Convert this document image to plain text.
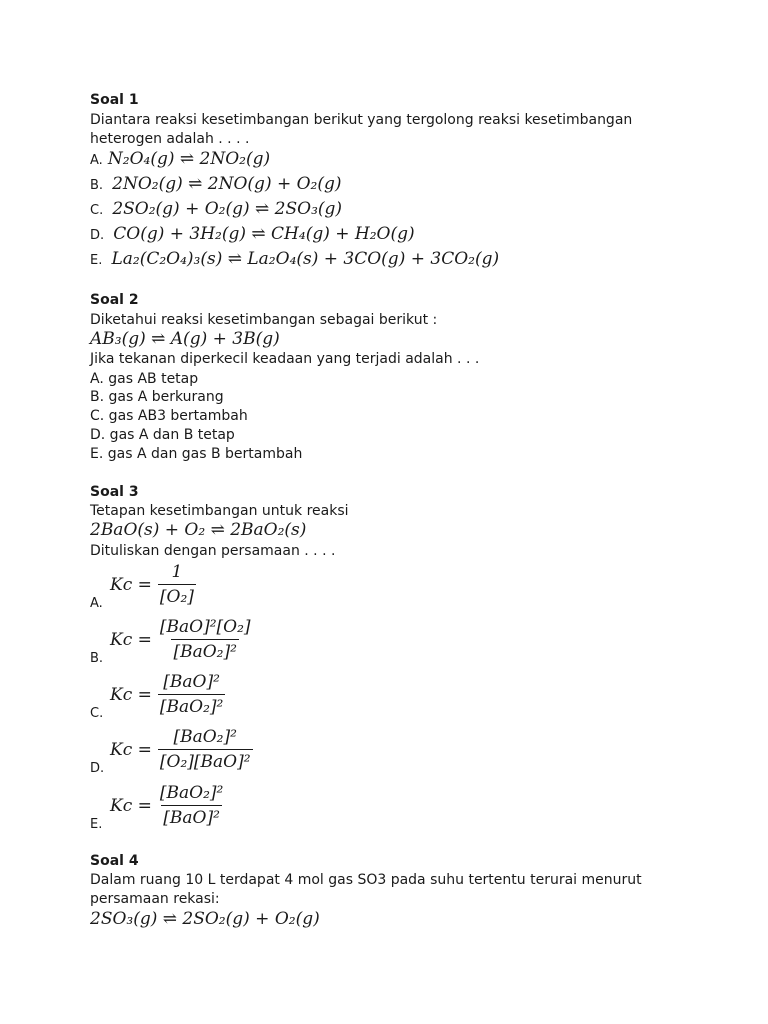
Soal 1
Diantara reaksi kesetimbangan berikut yang tergolong reaksi kesetimbangan
heterogen adalah . . . .
A. N₂O₄(g) ⇌ 2NO₂(g)
B. 2NO₂(g) ⇌ 2NO(g) + O₂(g)
C. 2SO₂(g) + O₂(g) ⇌ 2SO₃(g)
D. CO(g) + 3H₂(g) ⇌ CH₄(g) + H₂O(g)
E. La₂(C₂O₄)₃(s) ⇌ La₂O₄(s) + 3CO(g) + 3CO₂(g)
Soal 2
Diketahui reaksi kesetimbangan sebagai berikut :
AB₃(g) ⇌ A(g) + 3B(g)
Jika tekanan diperkecil keadaan yang terjadi adalah . . .
A. gas AB tetap
B. gas A berkurang
C. gas AB3 bertambah
D. gas A dan B tetap
E. gas A dan gas B bertambah
Soal 3
Tetapan kesetimbangan untuk reaksi
2BaO(s) + O₂ ⇌ 2BaO₂(s)
Dituliskan dengan persamaan . . . .
A.
$Kc = \frac{1}{\text{[O₂]}}$
B.
$Kc = \frac{\text{[BaO]²[O₂]}}{\text{[BaO₂]²}}$
C.
$Kc = \frac{\text{[BaO]²}}{\text{[BaO₂]²}}$
D.
$Kc = \frac{\text{[BaO₂]²}}{\text{[O₂][BaO]²}}$
E.
$Kc = \frac{\text{[BaO₂]²}}{\text{[BaO]²}}$
Soal 4
Dalam ruang 10 L terdapat 4 mol gas SO3 pada suhu tertentu terurai menurut
persamaan rekasi:
2SO₃(g) ⇌ 2SO₂(g) + O₂(g)
